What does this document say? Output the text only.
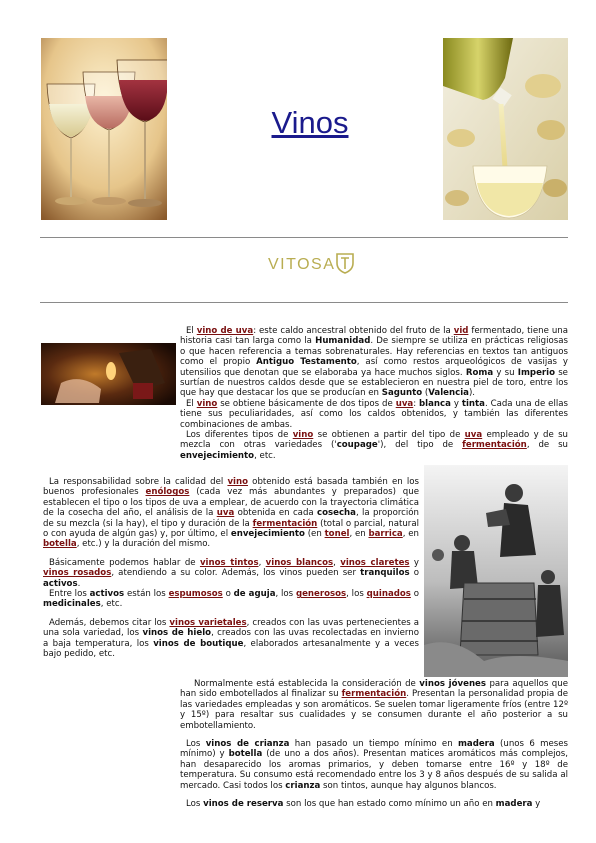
Vinos
VITOSA

El vino de uva: este caldo ancestral obtenido del fruto de la vid fermentado, tiene una historia casi tan larga como la Humanidad. De siempre se utiliza en prácticas religiosas o que hacen referencia a temas sobrenaturales. Hay referencias en textos tan antiguos como el propio Antiguo Testamento, así como restos arqueológicos de vasijas y utensilios que denotan que se elaboraba ya hace muchos siglos. Roma y su Imperio se surtían de nuestros caldos desde que se establecieron en nuestra piel de toro, entre los que hay que destacar los que se producían en Sagunto (Valencia).

El vino se obtiene básicamente de dos tipos de uva: blanca y tinta. Cada una de ellas tiene sus peculiaridades, así como los caldos obtenidos, y también las diferentes combinaciones de ambas.

Los diferentes tipos de vino se obtienen a partir del tipo de uva empleado y de su mezcla con otras variedades ('coupage'), del tipo de fermentación, de su envejecimiento, etc.

La responsabilidad sobre la calidad del vino obtenido está basada también en los buenos profesionales enólogos (cada vez más abundantes y preparados) que establecen el tipo o los tipos de uva a emplear, de acuerdo con la trayectoria climática de la cosecha del año, el análisis de la uva obtenida en cada cosecha, la proporción de su mezcla (si la hay), el tipo y duración de la fermentación (total o parcial, natural o con ayuda de algún gas) y, por último, el envejecimiento (en tonel, en barrica, en botella, etc.) y la duración del mismo.

Básicamente podemos hablar de vinos tintos, vinos blancos, vinos claretes y vinos rosados, atendiendo a su color. Además, los vinos pueden ser tranquilos o activos.

Entre los activos están los espumosos o de aguja, los generosos, los quinados o medicinales, etc.

Además, debemos citar los vinos varietales, creados con las uvas pertenecientes a una sola variedad, los vinos de hielo, creados con las uvas recolectadas en invierno a baja temperatura, los vinos de boutique, elaborados artesanalmente y a veces bajo pedido, etc.

Normalmente está establecida la consideración de vinos jóvenes para aquellos que han sido embotellados al finalizar su fermentación. Presentan la personalidad propia de las variedades empleadas y son aromáticos. Se suelen tomar ligeramente fríos (entre 12º y 15º) para resaltar sus cualidades y se consumen durante el año posterior a su embotellamiento.

Los vinos de crianza han pasado un tiempo mínimo en madera (unos 6 meses mínimo) y botella (de uno a dos años). Presentan matices aromáticos más complejos, han desaparecido los aromas primarios, y deben tomarse entre 16º y 18º de temperatura. Su consumo está recomendado entre los 3 y 8 años después de su salida al mercado. Casi todos los crianza son tintos, aunque hay algunos blancos.

Los vinos de reserva son los que han estado como mínimo un año en madera y
